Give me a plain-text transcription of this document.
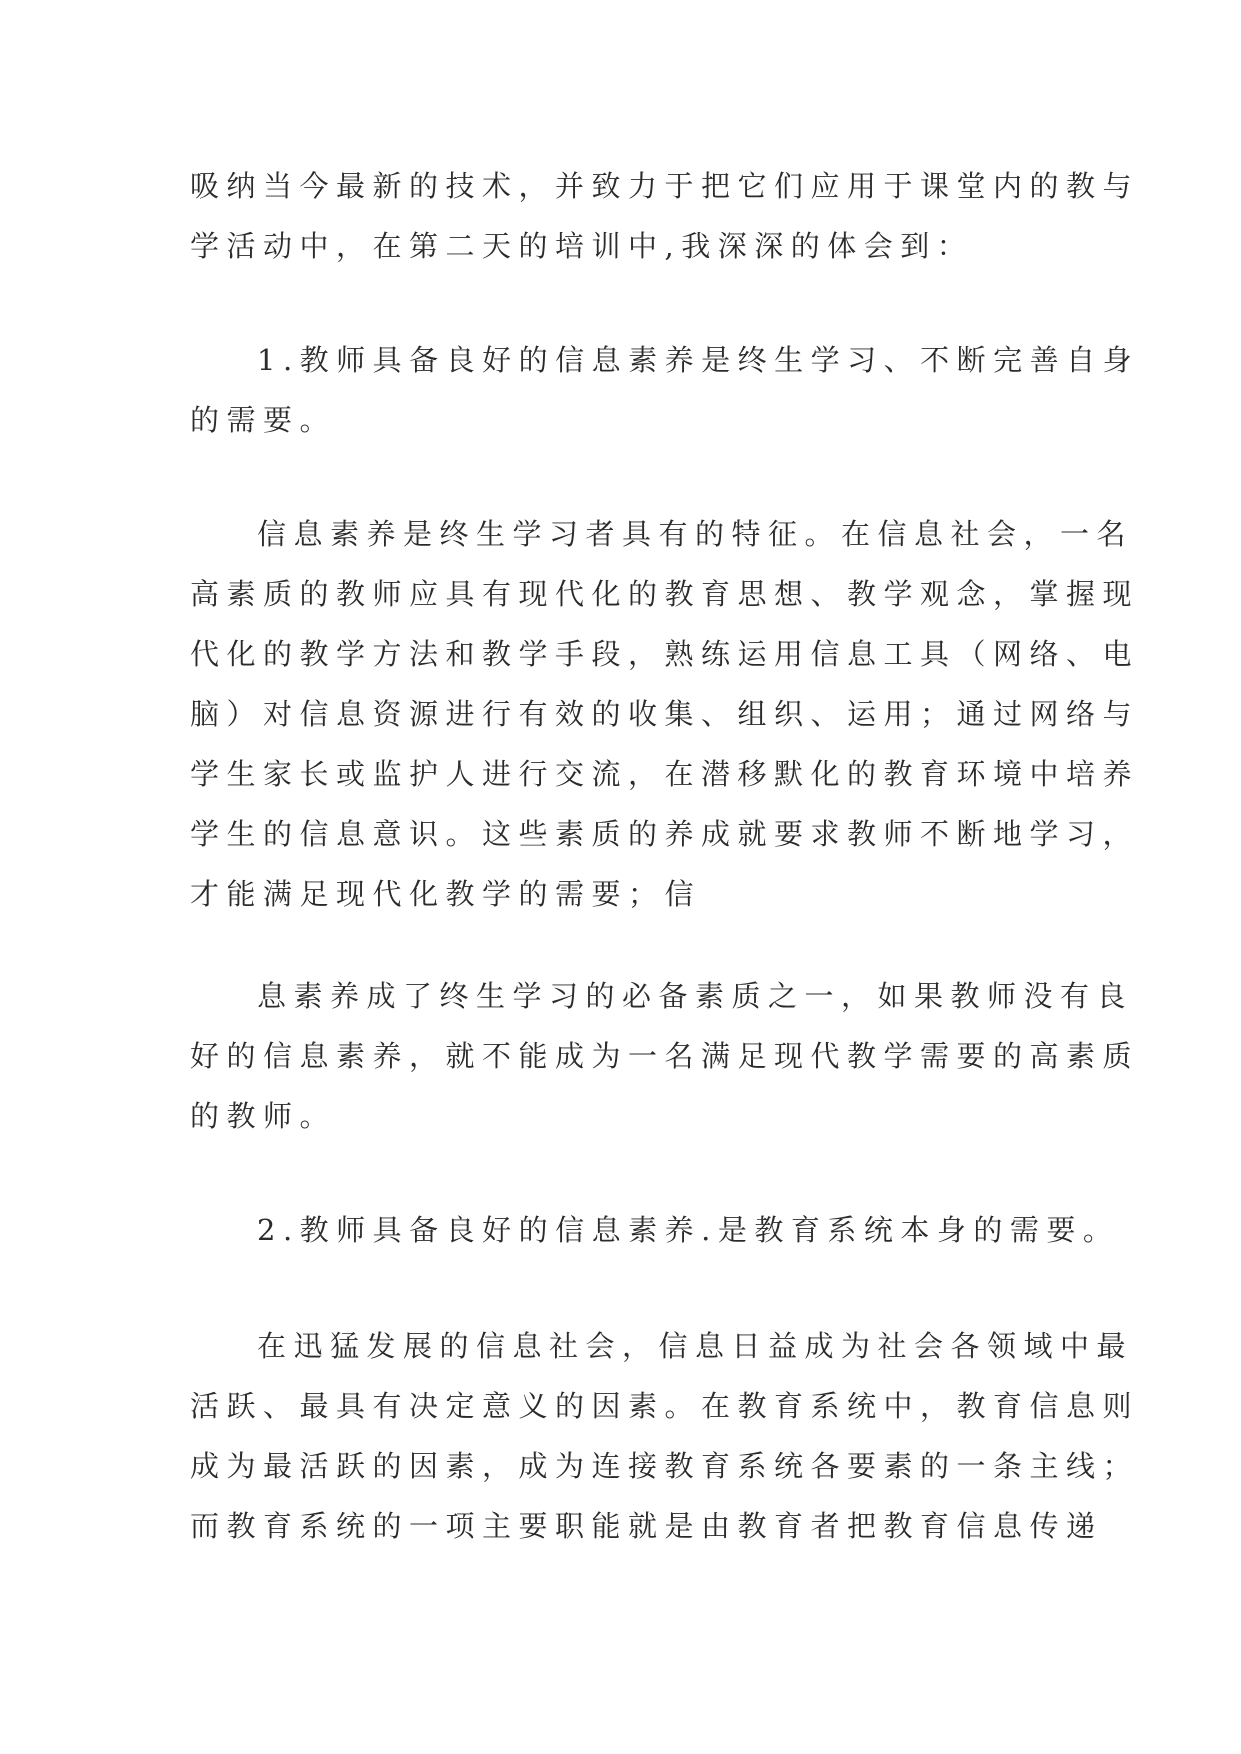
吸纳当今最新的技术，并致力于把它们应用于课堂内的教与
学活动中，在第二天的培训中,我深深的体会到：
1.教师具备良好的信息素养是终生学习、不断完善自身
的需要。
信息素养是终生学习者具有的特征。在信息社会，一名
高素质的教师应具有现代化的教育思想、教学观念，掌握现
代化的教学方法和教学手段，熟练运用信息工具（网络、电
脑）对信息资源进行有效的收集、组织、运用；通过网络与
学生家长或监护人进行交流，在潜移默化的教育环境中培养
学生的信息意识。这些素质的养成就要求教师不断地学习，
才能满足现代化教学的需要；信
息素养成了终生学习的必备素质之一，如果教师没有良
好的信息素养，就不能成为一名满足现代教学需要的高素质
的教师。
2.教师具备良好的信息素养.是教育系统本身的需要。
在迅猛发展的信息社会，信息日益成为社会各领域中最
活跃、最具有决定意义的因素。在教育系统中，教育信息则
成为最活跃的因素，成为连接教育系统各要素的一条主线；
而教育系统的一项主要职能就是由教育者把教育信息传递
